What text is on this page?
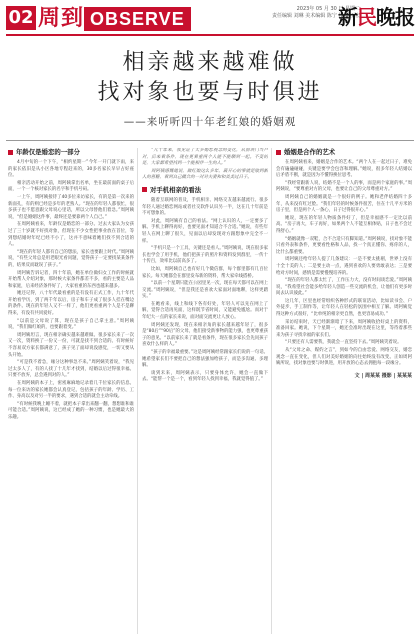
02 周到 OBSERVE	2023年 05 月 30 日 星期二
责任编辑 刘琳 美术编辑 陈宁 校对 王宏
新民晚报
相亲越来越难做
找对象也要与时俱进
——来听听四十年老红娘的婚姻观
年龄仅是婚恋的一部分

4月中旬的一个下午，“相约星期一”今年一开门就下雨，来的家长依旧是从小区各地专程赶来的，30多名家长早早占好座位。

相亲活动开始之前，周阿姨拿出名单，坐在最前面的桌子后面，一个一个核对家长的名字和手机号码。

一上午，周阿姨接待了40多位来访家长，有的是第一次来的新面孔，有的则已经是多年的老熟人。“现在的年轻人都很忙，很多孩子也不愿意跟父母说心里话，所以父母替他们着急。”周阿姨说，“但是婚姻这件事，最终还是要靠两个人自己。”

在周阿姨看来，年龄仅是婚恋的一部分。过去大家认为女孩过了三十岁就不好找对象，但现在不少女性把事业放在首位，等到想结婚时年纪已经不小了，这并不意味着她们找不到合适的人。

“现在的年轻人都有自己的想法，家长也要跟上时代。”周阿姨说，“有些父母总是用老眼光看问题，觉得孩子一定要找某某条件的，结果反而耽误了孩子。”

周阿姨告诉记者，四十年前，她在单位做妇女工作的时候就开始帮人介绍对象，那时候大家条件都差不多，看的主要是人品和家庭，后来经济条件好了，大家看重的东西也越来越多。

她还记得，八十年代最看重的是有没有正式工作，九十年代开始看学历，到了两千年以后，房子和车子成了很多人挂在嘴边的条件。现在的年轻人又不一样了，他们更看重两个人是不是聊得来，有没有共同爱好。

“以前是父母说了算，现在是孩子自己拿主意。”周阿姨说，“我们做红娘的，也要跟着变。”

周阿姨坦言，现在相亲确实越来越难做。很多家长来了一次又一次，资料换了一份又一份，可就是找不到合适的。有时候好不容易双方家长都满意了，孩子见了面却说没感觉，一切又要从头开始。

“可是我不着急，缘分这种事急不来。”周阿姨笑着说，“我见过太多人了，有的人找了十几年才找到，结婚以后过得很幸福。只要不放弃，总会遇到对的人。”

在周阿姨的本子上，密密麻麻地记录着几千位家长的信息。每一位来访的家长她都会认真登记，包括孩子的年龄、学历、工作、身高以及对另一半的要求，遇到合适的就会主动牵线。

“有时候我晚上睡不着，就把本子拿出来翻一翻，想想谁和谁可能合适。”周阿姨说，这已经成了她的一种习惯，也是她最大的乐趣。

“几十年来，我见证了太多婚恋观念的变化，从前讲门当户对，后来看条件，现在更看重两个人能不能聊到一起。不变的是，大家都希望找到一个能相伴一生的人。”

周阿姨感慨地说，做红娘这么多年，最开心的事就是收到新人的喜糖，看到自己撮合的一对对夫妻和和美美过日子。

对手机相亲的看法

随着互联网的普及，手机相亲、网络交友越来越流行。很多年轻人通过婚恋网站或者社交软件认识另一半，这在几十年前是不可想象的。

对此，周阿姨有自己的看法。“网上认识的人，一定要多了解。手机上聊得再好，也要见面才知道合不合适。”她说，有些年轻人在网上聊了很久，见面以后却发现对方跟想象中完全不一样。

“手机只是一个工具，关键还是看人。”周阿姨说，现在很多家长也学会了用手机，他们把孩子的照片和资料发到群里，一传十十传百，效率比以前高多了。

比如，周阿姨自己也有好几个微信群，每个群里都有几百位家长。每天她都会在群里发布新的资料，帮大家牵线搭桥。

“以前一个星期只能在公园里见一次，现在每天都可以在网上交流。”周阿姨说，“但是我还是喜欢大家面对面地聊，这样更踏实。”

在她看来，线上和线下各有好处，年轻人可以先在网上了解，觉得合适再见面，这样既节省时间，又能避免尴尬。而对于年纪大一点的家长来说，面对面交流更让人放心。

周阿姨还发现，现在来相亲角的家长越来越年轻了，很多是“80后”“90后”的父母，他们接受新事物的能力强，也更尊重孩子的意见。“以前家长来了就是看条件，现在很多家长会先问孩子喜欢什么样的人。”

“孩子的幸福最重要。”这是周阿姨经常跟家长们说的一句话。她希望家长们不要把自己的想法强加给孩子，而是多沟通、多理解。

谈到未来，周阿姨表示，只要身体允许，她会一直做下去。“能帮一个是一个，看到年轻人找到幸福，我就觉得值了。”

婚姻是合作的艺术

在周阿姨看来，婚姻是合作的艺术。“两个人在一起过日子，难免会有磕磕碰碰，关键是要学会包容和理解。”她说，很多年轻人结婚以后矛盾不断，就是因为不懂得换位思考。

“我经常跟新人说，结婚不是一个人的事，而是两个家庭的事。”周阿姨说，“要尊重对方的父母，也要让自己的父母尊重对方。”

周阿姨自己的婚姻就是一个很好的例子。她和老伴结婚四十多年，从来没有红过脸。“我们年轻的时候条件很苦，住在十几平方米的房子里，但是两个人一条心，日子过得很开心。”

她说，现在的年轻人物质条件好了，但是幸福感不一定比以前高。“房子再大，车子再好，如果两个人不能互相体贴，日子也不会过得舒心。”

“婚姻就像一双鞋，合不合适只有脚知道。”周阿姨说，找对象不能只看外表和条件，更要看性格和人品，找一个真正懂你、疼你的人，比什么都重要。

周阿姨还给年轻人提了几条建议：一是不要太挑剔，世界上没有十全十美的人；二是要主动一点，遇到喜欢的人要勇敢表达；三是要给对方时间，感情是需要慢慢培养的。

“现在的年轻人都太忙了，工作压力大，没有时间谈恋爱。”周阿姨说，“我希望社会能多给年轻人创造一些交流的机会，让他们有更多时间去认识彼此。”

这几年，区里也经常组织各种形式的联谊活动，比如读书会、户外徒步、手工制作等，让年轻人在轻松的氛围中相互了解。周阿姨觉得这种方式很好，“比单纯的相亲更自然，也更容易成功。”

采访结束时，天已经渐渐暗了下来，周阿姨收拾好桌上的资料，准备回家。她说，下个星期一，她还会准时出现在这里，等待着那些来为孩子寻找幸福的家长们。

“只要还有人需要我，我就会一直坚持下去。”周阿姨笑着说。

从“父母之命、媒妁之言”，到如今的自由恋爱、网络交友，婚恋观念一直在变化，但人们对美好婚姻的向往始终没有改变。正如周阿姨所说，找对象也要与时俱进，用开放的心态去拥抱每一段缘分。

文 | 周某某 摄影 | 某某某
